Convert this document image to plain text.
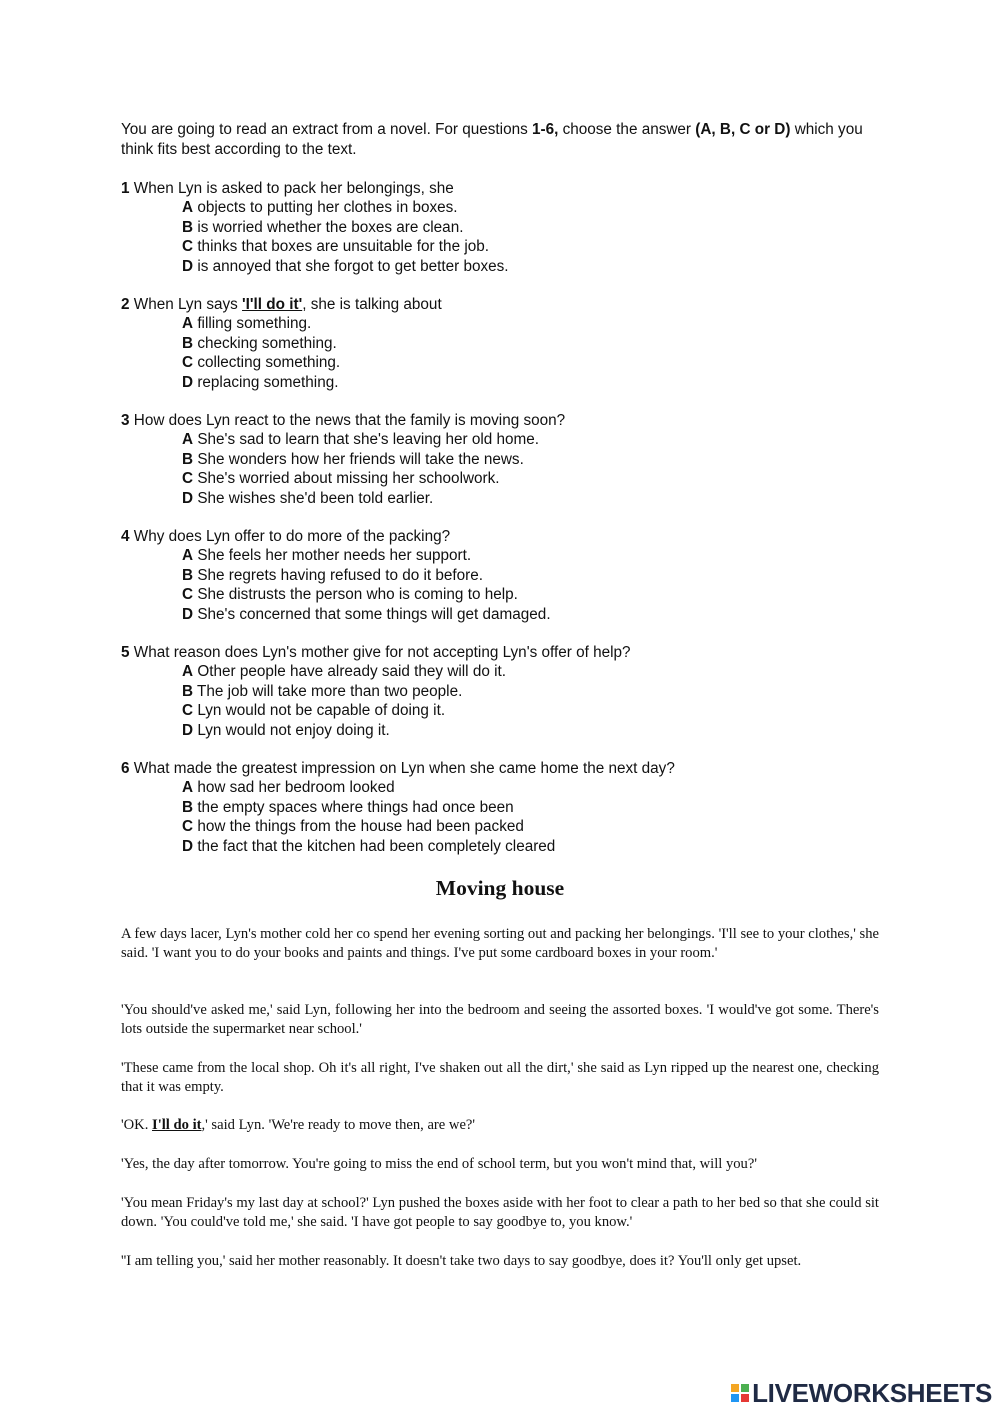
You are going to read an extract from a novel. For questions 1-6, choose the answer (A, B, C or D) which you think fits best according to the text.
1 When Lyn is asked to pack her belongings, she
A objects to putting her clothes in boxes.
B is worried whether the boxes are clean.
C thinks that boxes are unsuitable for the job.
D is annoyed that she forgot to get better boxes.
2 When Lyn says 'I'll do it', she is talking about
A filling something.
B checking something.
C collecting something.
D replacing something.
3 How does Lyn react to the news that the family is moving soon?
A She's sad to learn that she's leaving her old home.
B She wonders how her friends will take the news.
C She's worried about missing her schoolwork.
D She wishes she'd been told earlier.
4 Why does Lyn offer to do more of the packing?
A She feels her mother needs her support.
B She regrets having refused to do it before.
C She distrusts the person who is coming to help.
D She's concerned that some things will get damaged.
5 What reason does Lyn's mother give for not accepting Lyn's offer of help?
A Other people have already said they will do it.
B The job will take more than two people.
C Lyn would not be capable of doing it.
D Lyn would not enjoy doing it.
6 What made the greatest impression on Lyn when she came home the next day?
A how sad her bedroom looked
B the empty spaces where things had once been
C how the things from the house had been packed
D the fact that the kitchen had been completely cleared
Moving house
A few days lacer, Lyn's mother cold her co spend her evening sorting out and packing her belongings. 'I'll see to your clothes,' she said. 'I want you to do your books and paints and things. I've put some cardboard boxes in your room.'
'You should've asked me,' said Lyn, following her into the bedroom and seeing the assorted boxes. 'I would've got some. There's lots outside the supermarket near school.'
'These came from the local shop. Oh it's all right, I've shaken out all the dirt,' she said as Lyn ripped up the nearest one, checking that it was empty.
'OK. I'll do it,' said Lyn. 'We're ready to move then, are we?'
'Yes, the day after tomorrow. You're going to miss the end of school term, but you won't mind that, will you?'
'You mean Friday's my last day at school?' Lyn pushed the boxes aside with her foot to clear a path to her bed so that she could sit down. 'You could've told me,' she said. 'I have got people to say goodbye to, you know.'
''I am telling you,' said her mother reasonably. It doesn't take two days to say goodbye, does it? You'll only get upset.
LIVEWORKSHEETS
